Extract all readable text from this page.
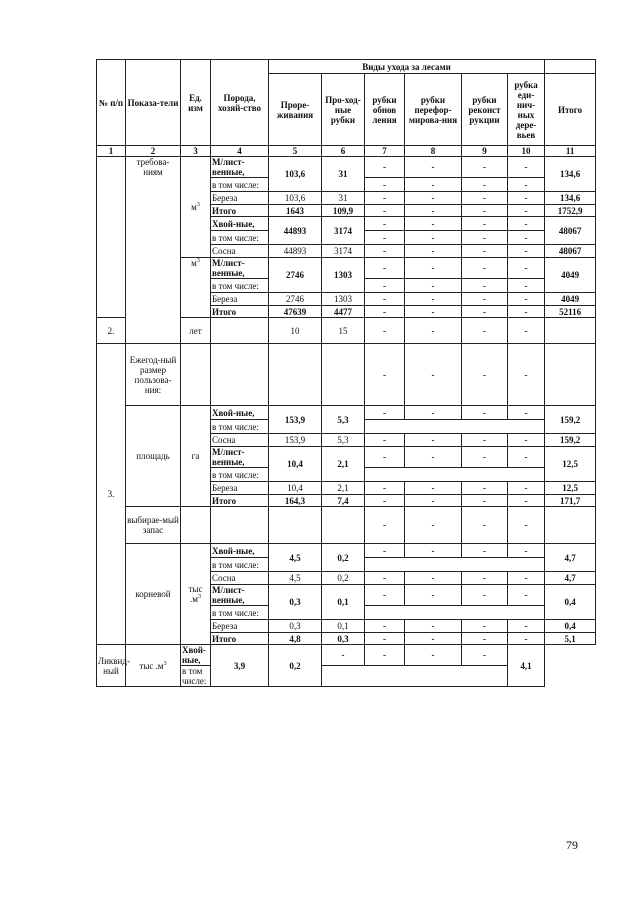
№ п/п	Показа-тели	Ед. изм	Порода, хозяй-ство	Виды ухода за лесами						
				Проре-живания	Про-ход-ные рубки	рубки обнов ления	рубки перефор-мирова-ния	рубки реконст рукции	рубка еди-нич-ных дере-вьев	Итого
1	2	3	4	5	6	7	8	9	10	11
	требова-ниям	$м^3$	М/лист-венные,	103,6	31	-	-	-	-	134,6
			в том числе:			-	-	-	-	
			Береза	103,6	31	-	-	-	-	134,6
			Итого	1643	109,9	-	-	-	-	1752,9
			Хвой-ные,	44893	3174	-	-	-	-	48067
			в том числе:			-	-	-	-	
			Сосна	44893	3174	-	-	-	-	48067
		$м^3$	М/лист-венные,	2746	1303	-	-	-	-	4049
			в том числе:			-	-	-	-	
			Береза	2746	1303	-	-	-	-	4049
			Итого	47639	4477	-	-	-	-	52116
2.		лет		10	15	-	-	-	-	
3.	Ежегод-ный размер пользова-ния:					-	-	-	-	
	площадь	га	Хвой-ные,	153,9	5,3	-	-	-	-	159,2
			в том числе:							
			Сосна	153,9	5,3	-	-	-	-	159,2
			М/лист-венные,	10,4	2,1	-	-	-	-	12,5
			в том числе:							
			Береза	10,4	2,1	-	-	-	-	12,5
			Итого	164,3	7,4	-	-	-	-	171,7
	выбирае-мый запас					-	-	-	-	
	корневой	тыс $.м^3$	Хвой-ные,	4,5	0,2	-	-	-	-	4,7
			в том числе:							
			Сосна	4,5	0,2	-	-	-	-	4,7
			М/лист-венные,	0,3	0,1	-	-	-	-	0,4
			в том числе:							
			Береза	0,3	0,1	-	-	-	-	0,4
			Итого	4,8	0,3	-	-	-	-	5,1
Ликвид-ный	тыс $.м^3$	Хвой-ные,	3,9	0,2	-	-	-	-	4,1	
		в том числе:								
79
